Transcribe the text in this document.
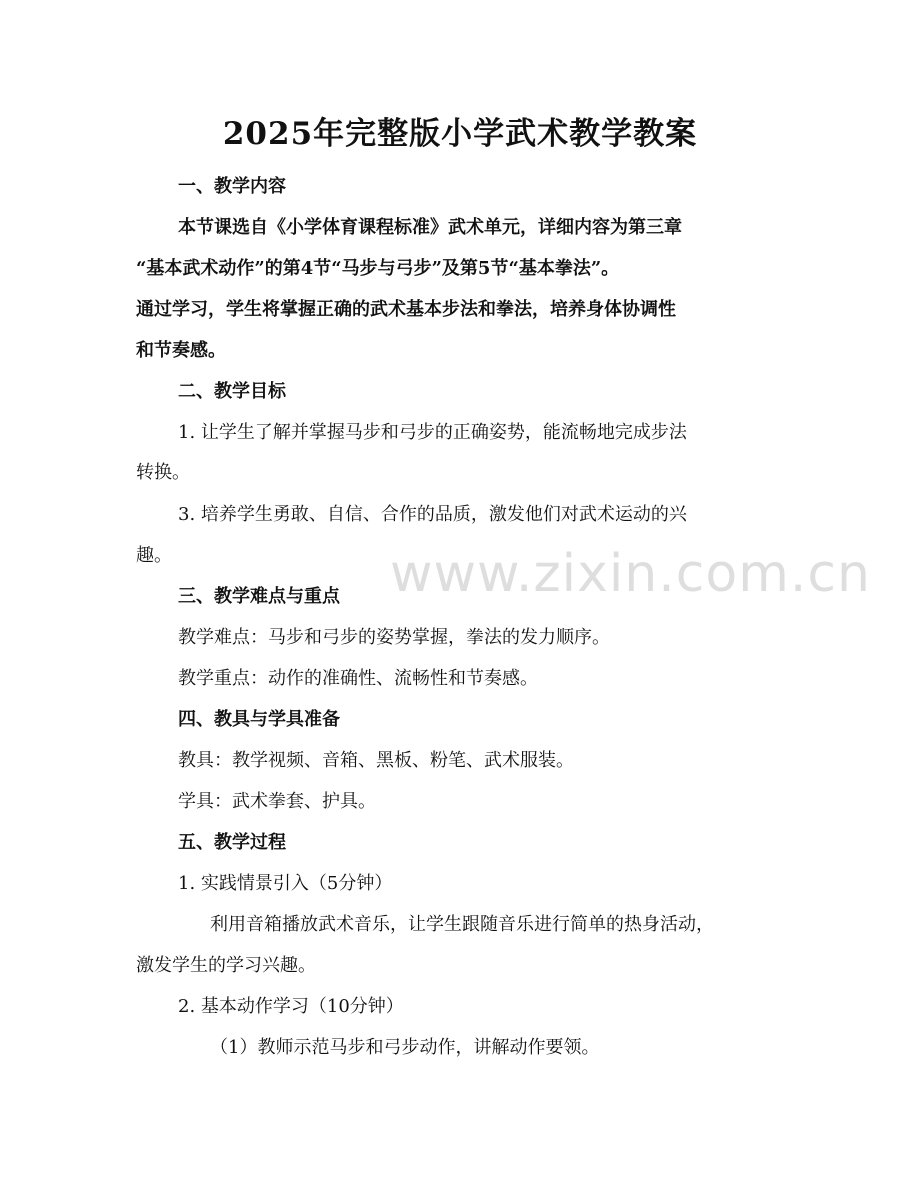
2025年完整版小学武术教学教案
一、教学内容
本节课选自《小学体育课程标准》武术单元，详细内容为第三章
“基本武术动作”的第4节“马步与弓步”及第5节“基本拳法”。
通过学习，学生将掌握正确的武术基本步法和拳法，培养身体协调性
和节奏感。
二、教学目标
1. 让学生了解并掌握马步和弓步的正确姿势，能流畅地完成步法
转换。
3. 培养学生勇敢、自信、合作的品质，激发他们对武术运动的兴
趣。
三、教学难点与重点
教学难点：马步和弓步的姿势掌握，拳法的发力顺序。
教学重点：动作的准确性、流畅性和节奏感。
四、教具与学具准备
教具：教学视频、音箱、黑板、粉笔、武术服装。
学具：武术拳套、护具。
五、教学过程
1. 实践情景引入（5分钟）
利用音箱播放武术音乐，让学生跟随音乐进行简单的热身活动，
激发学生的学习兴趣。
2. 基本动作学习（10分钟）
（1）教师示范马步和弓步动作，讲解动作要领。
www.zixin.com.cn
